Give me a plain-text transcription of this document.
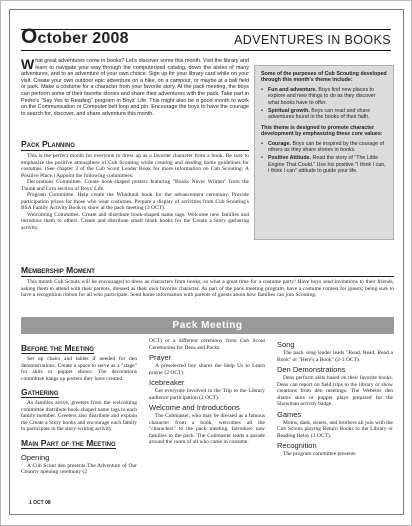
October 2008	ADVENTURES IN BOOKS
What great adventures come in books? Let's discover some this month. Visit the library and learn to navigate your way through the computerized catalog, down the aisles of many adventures, and to an adventure of your own choice. Sign up for your library card while on your visit. Create your own outdoor epic adventure on a hike, on a campout, or maybe at a ball field or park. Make a costume for a character from your favorite story. At the pack meeting, the boys can perform some of their favorite stories and share their adventures with the pack. Take part in Pedro's "Say Yes to Reading" program in Boys' Life. This might also be a good month to work on the Communication or Computer belt loop and pin. Encourage the boys to have the courage to search for, discover, and share adventure this month.
Some of the purposes of Cub Scouting developed through this month's theme include:
• Fun and adventure. Boys find new places to explore and new things to do as they discover what books have to offer.
• Spiritual growth. Boys can read and share adventures found in the books of their faith.
This theme is designed to promote character development by emphasizing these core values:
• Courage. Boys can be inspired by the courage of others as they share stories in books.
• Positive Attitude. Read the story of "The Little Engine That Could." Use his positive "I think I can, I think I can" attitude to guide your life.
Pack Planning

This is the perfect month for everyone to dress up as a favorite character from a book. Be sure to emphasize the positive atmosphere of Cub Scouting while creating and sending home guidelines for costumes. (See chapter 3 of the Cub Scout Leader Book for more information on Cub Scouting: A Positive Place.) Appoint the following committees:

Decorations Committee. Create book-shaped posters featuring "Books Never Written" from the Thunk and Grin section of Boys' Life.

Program Committee. Help create the Whodunit book for the advancement ceremony. Provide participation prizes for those who wear costumes. Prepare a display of activities from Cub Scouting's BSA Family Activity Book to show at the pack meeting (3 OCT).

Welcoming Committee. Create and distribute book-shaped name tags. Welcome new families and introduce them to others. Create and distribute small blank books for the Create a Story gathering activity.

Membership Moment

This month Cub Scouts will be encouraged to dress as characters from books, so what a great time for a costume party! Have boys send invitations to their friends, asking them to attend with their parents, dressed as their own favorite character. As part of the pack meeting program, have a costume contest for guests; being sure to have a recognition ribbon for all who participate. Send home information with parents of guests about how families can join Scouting.

Pack Meeting
Before the Meeting

Set up chairs and tables if needed for den demonstrations. Create a space to serve as a "stage" for skits or puppet shows. The decorations committee hangs up posters they have created.

Gathering

As families arrive, greeters from the welcoming committee distribute book-shaped name tags to each family member. Greeters also distribute and explain the Create a Story books and encourage each family to participate in the story-writing activity.

Main Part of the Meeting
Opening

A Cub Scout den presents The Adventure of Our Country opening ceremony (2

OCT) or a different ceremony from Cub Scout Ceremonies for Dens and Packs.

Prayer

A preselected boy shares the Help Us to Learn prayer (2 OCT).

Icebreaker

Get everyone involved in the Trip to the Library audience participation (2 OCT).

Welcome and Introductions

The Cubmaster, who may be dressed as a famous character from a book, welcomes all the "characters" to the pack meeting. Introduce new families to the pack. The Cubmaster leads a parade around the room of all who came in costume.

Song

The pack song leader leads "Read, Read, Read a Book" or "Here's a Book" (2-3 OCT).

Den Demonstrations

Dens perform skits based on their favorite books. Dens can report on field trips to the library or show creations from den meetings. The Webelos den shares skits or puppet plays prepared for the Showman activity badge.

Games

Moms, dads, sisters, and brothers all join with the Cub Scouts playing Return Books to the Library or Reading Relay (3 OCT).

Recognition

The program committee presents

1 OCT 08
